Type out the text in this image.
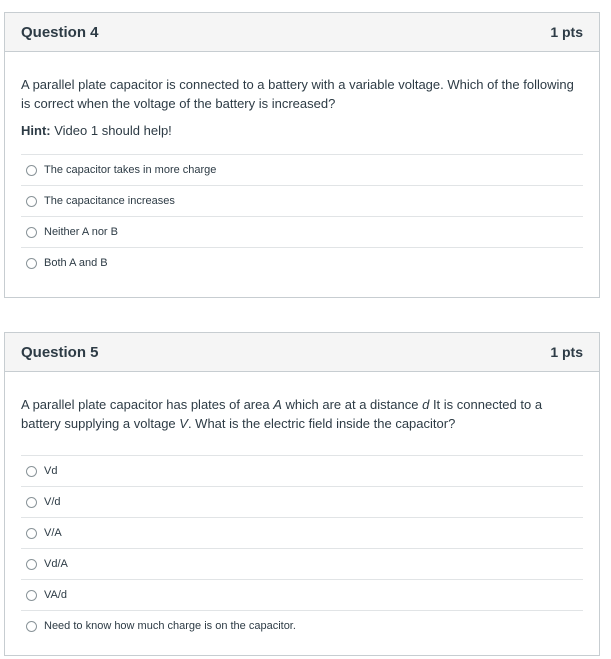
Question 4	1 pts

A parallel plate capacitor is connected to a battery with a variable voltage. Which of the following is correct when the voltage of the battery is increased?

Hint: Video 1 should help!
The capacitor takes in more charge
The capacitance increases
Neither A nor B
Both A and B
Question 5	1 pts

A parallel plate capacitor has plates of area A which are at a distance d It is connected to a battery supplying a voltage V. What is the electric field inside the capacitor?

Vd
V/d
V/A
Vd/A
VA/d
Need to know how much charge is on the capacitor.
